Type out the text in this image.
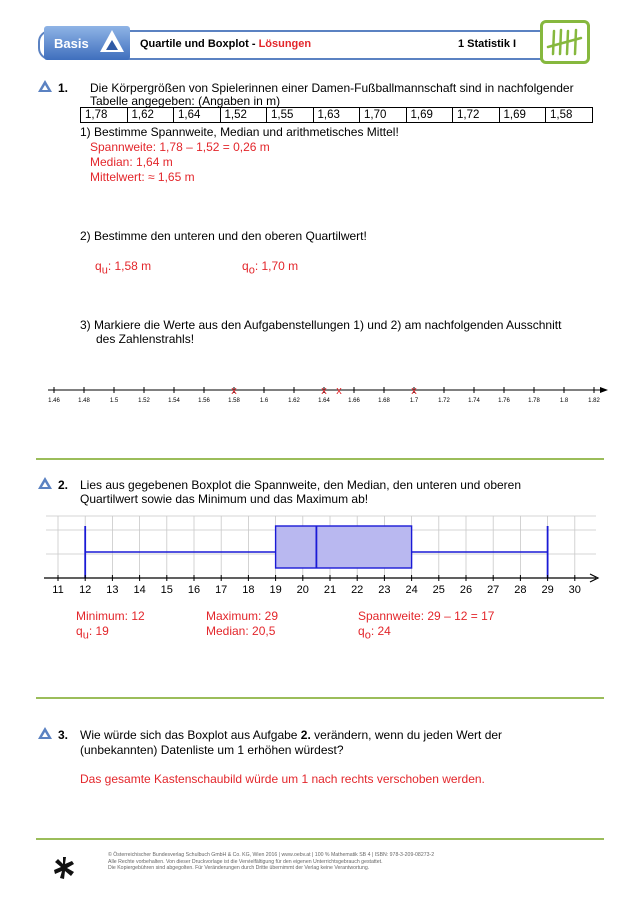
Basis	Quartile und Boxplot - Lösungen	1 Statistik I
1. Die Körpergrößen von Spielerinnen einer Damen-Fußballmannschaft sind in nachfolgender
Tabelle angegeben: (Angaben in m)
1,78	1,62	1,64	1,52	1,55	1,63	1,70	1,69	1,72	1,69	1,58
1) Bestimme Spannweite, Median und arithmetisches Mittel!
Spannweite: 1,78 – 1,52 = 0,26 m
Median: 1,64 m
Mittelwert: ≈ 1,65 m
2) Bestimme den unteren und den oberen Quartilwert!
$q_u$: 1,58 m	$q_o$: 1,70 m
3) Markiere die Werte aus den Aufgabenstellungen 1) und 2) am nachfolgenden Ausschnitt
des Zahlenstrahls!
1.46	1.48	1.5	1.52	1.54	1.56	1.58	1.6	1.62	1.64	1.66	1.68	1.7	1.72	1.74	1.76	1.78	1.8	1.82
x	x x	x
2. Lies aus gegebenen Boxplot die Spannweite, den Median, den unteren und oberen
Quartilwert sowie das Minimum und das Maximum ab!
11 12 13 14 15 16 17 18 19 20 21 22 23 24 25 26 27 28 29 30
Minimum: 12	Maximum: 29	Spannweite: 29 – 12 = 17
$q_u$: 19	Median: 20,5	$q_o$: 24
3. Wie würde sich das Boxplot aus Aufgabe 2. verändern, wenn du jeden Wert der
(unbekannten) Datenliste um 1 erhöhen würdest?
Das gesamte Kastenschaubild würde um 1 nach rechts verschoben werden.
© Österreichischer Bundesverlag Schulbuch GmbH & Co. KG, Wien 2016 | www.oebv.at | 100 % Mathematik SB 4 | ISBN: 978-3-209-08273-2
Alle Rechte vorbehalten. Von dieser Druckvorlage ist die Vervielfältigung für den eigenen Unterrichtsgebrauch gestattet.
Die Kopiergebühren sind abgegolten. Für Veränderungen durch Dritte übernimmt der Verlag keine Verantwortung.
